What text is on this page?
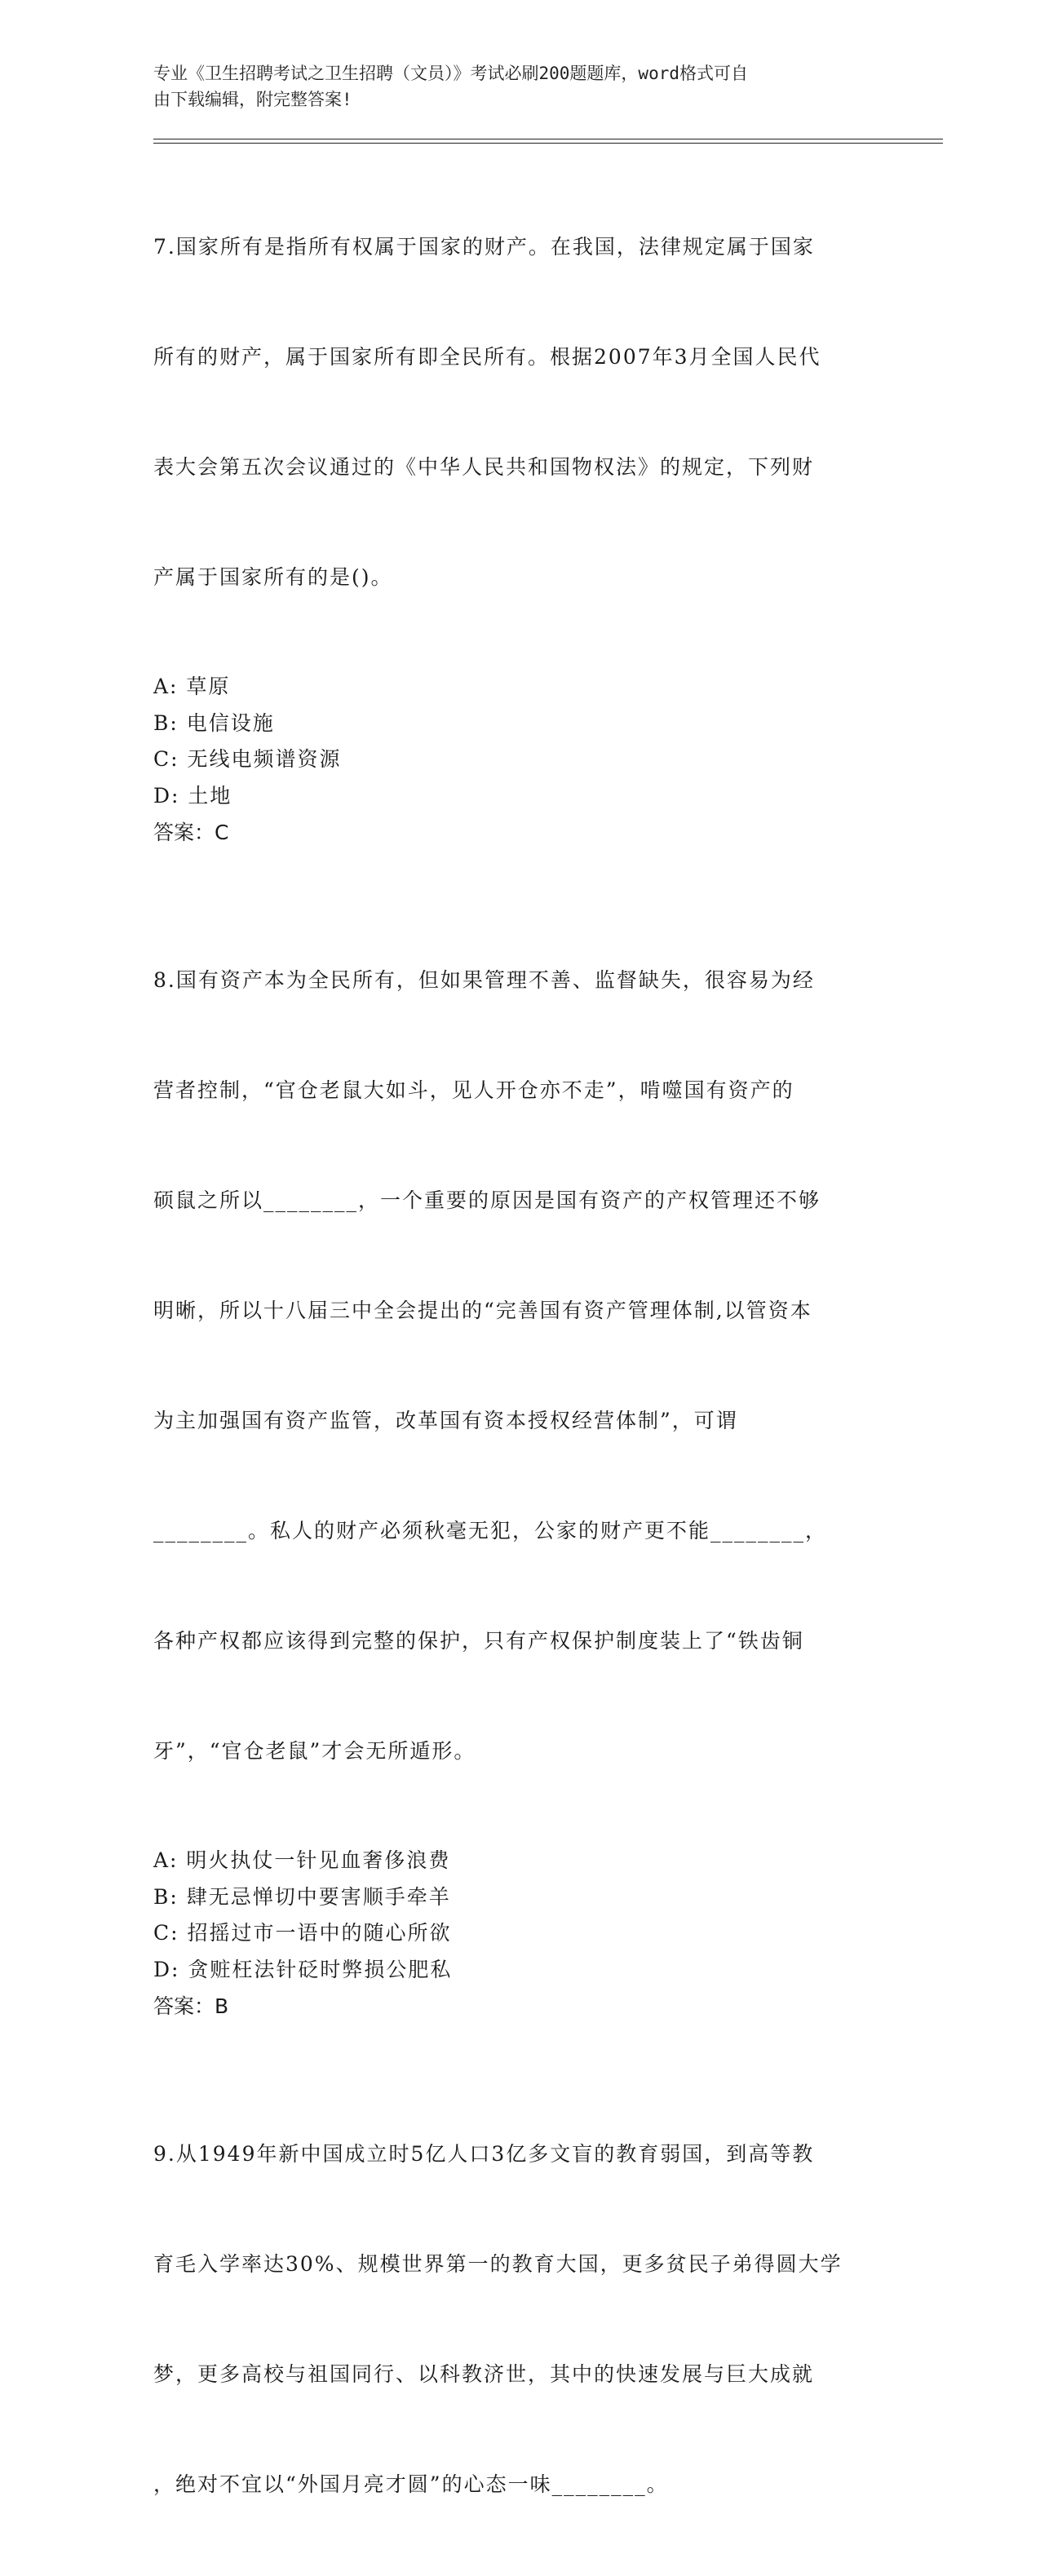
专业《卫生招聘考试之卫生招聘（文员）》考试必刷200题题库，word格式可自
由下载编辑，附完整答案!

7.国家所有是指所有权属于国家的财产。在我国，法律规定属于国家

所有的财产，属于国家所有即全民所有。根据2007年3月全国人民代

表大会第五次会议通过的《中华人民共和国物权法》的规定，下列财

产属于国家所有的是()。

A: 草原
B: 电信设施
C: 无线电频谱资源
D: 土地
答案：C

8.国有资产本为全民所有，但如果管理不善、监督缺失，很容易为经

营者控制，“官仓老鼠大如斗，见人开仓亦不走”，啃噬国有资产的

硕鼠之所以________，一个重要的原因是国有资产的产权管理还不够

明晰，所以十八届三中全会提出的“完善国有资产管理体制,以管资本

为主加强国有资产监管，改革国有资本授权经营体制”，可谓

________。私人的财产必须秋毫无犯，公家的财产更不能________，

各种产权都应该得到完整的保护，只有产权保护制度装上了“铁齿铜

牙”，“官仓老鼠”才会无所遁形。

A: 明火执仗一针见血奢侈浪费
B: 肆无忌惮切中要害顺手牵羊
C: 招摇过市一语中的随心所欲
D: 贪赃枉法针砭时弊损公肥私
答案：B

9.从1949年新中国成立时5亿人口3亿多文盲的教育弱国，到高等教

育毛入学率达30%、规模世界第一的教育大国，更多贫民子弟得圆大学

梦，更多高校与祖国同行、以科教济世，其中的快速发展与巨大成就

，绝对不宜以“外国月亮才圆”的心态一味________。
